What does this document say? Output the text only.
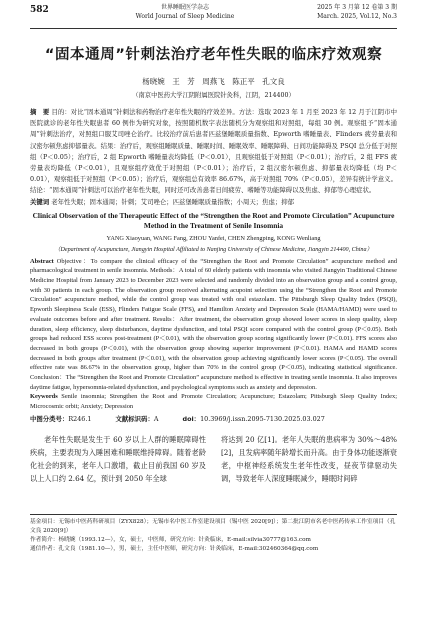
582	世界睡眠医学杂志
World Journal of Sleep Medicine
2025 年 3 月第 12 卷第 3 期
March. 2025, Vol.12, No.3
“固本通周”针刺法治疗老年性失眠的临床疗效观察
杨晓婉　王　芳　周燕飞　陈正平　孔文良
（南京中医药大学江阴附属医院针灸科，江阴，214400）
摘　要 目的：对比“固本通周”针刺法和药物治疗老年性失眠的疗效差异。方法：选取 2023 年 1 月至 2023 年 12 月于江阴市中医院就诊的老年性失眠患者 60 例作为研究对象，按照随机数字表法随机分为观察组和对照组，每组 30 例。观察组予“固本通周”针刺法治疗，对照组口服艾司唑仑治疗。比较治疗前后患者匹兹堡睡眠质量指数、Epworth 嗜睡量表、Flinders 疲劳量表和汉密尔顿焦虑抑郁量表。结果：治疗后，观察组睡眠质量、睡眠时间、睡眠效率、睡眠障碍、日间功能障碍及 PSQI 总分低于对照组（P＜0.05）；治疗后，2 组 Epworth 嗜睡量表均降低（P＜0.01），且观察组低于对照组（P＜0.01）；治疗后，2 组 FFS 疲劳量表均降低（P＜0.01），且观察组疗效优于对照组（P＜0.01）；治疗后，2 组汉密尔顿焦虑、抑郁量表均降低（均 P＜0.01），观察组低于对照组（P＜0.05）；治疗后，观察组总有效率 86.67%，高于对照组 70%（P＜0.05），差异有统计学意义。结论：“固本通周”针刺法可以治疗老年性失眠，同时还可改善患者日间疲劳、嗜睡等功能障碍以及焦虑、抑郁等心理症状。
关键词 老年性失眠；固本通周；针刺；艾司唑仑；匹兹堡睡眠质量指数；小周天；焦虑；抑郁
Clinical Observation of the Therapeutic Effect of the “Strengthen the Root and Promote Circulation” Acupuncture Method in the Treatment of Senile Insomnia
YANG Xiaoyuan, WANG Fang, ZHOU Yanfei, CHEN Zhengping, KONG Wenliang
（Department of Acupuncture, Jiangyin Hospital Affiliated to Nanjing University of Chinese Medicine, Jiangyin 214400, China）
Abstract Objective：To compare the clinical efficacy of the “Strengthen the Root and Promote Circulation” acupuncture method and pharmacological treatment in senile insomnia. Methods：A total of 60 elderly patients with insomnia who visited Jiangyin Traditional Chinese Medicine Hospital from January 2023 to December 2023 were selected and randomly divided into an observation group and a control group, with 30 patients in each group. The observation group received alternating acupoint selection using the “Strengthen the Root and Promote Circulation” acupuncture method, while the control group was treated with oral estazolam. The Pittsburgh Sleep Quality Index (PSQI), Epworth Sleepiness Scale (ESS), Flinders Fatigue Scale (FFS), and Hamilton Anxiety and Depression Scale (HAMA/HAMD) were used to evaluate outcomes before and after treatment. Results：After treatment, the observation group showed lower scores in sleep quality, sleep duration, sleep efficiency, sleep disturbances, daytime dysfunction, and total PSQI score compared with the control group (P＜0.05). Both groups had reduced ESS scores post-treatment (P＜0.01), with the observation group scoring significantly lower (P＜0.01). FFS scores also decreased in both groups (P＜0.01), with the observation group showing superior improvement (P＜0.01). HAMA and HAMD scores decreased in both groups after treatment (P＜0.01), with the observation group achieving significantly lower scores (P＜0.05). The overall effective rate was 86.67% in the observation group, higher than 70% in the control group (P＜0.05), indicating statistical significance. Conclusion：The “Strengthen the Root and Promote Circulation” acupuncture method is effective in treating senile insomnia. It also improves daytime fatigue, hypersomnia-related dysfunction, and psychological symptoms such as anxiety and depression.
Keywords Senile insomnia; Strengthen the Root and Promote Circulation; Acupuncture; Estazolam; Pittsburgh Sleep Quality Index; Microcosmic orbit; Anxiety; Depression
中图分类号：R246.1	文献标识码：A	doi：10.3969/j.issn.2095-7130.2025.03.027

老年性失眠是发生于 60 岁以上人群的睡眠障碍性疾病，主要表现为入睡困难和睡眠维持障碍。随着老龄化社会的到来，老年人口激增，截止目前我国 60 岁及以上人口约 2.64 亿，预计到 2050 年全球

将达到 20 亿[1]。老年人失眠的患病率为 30%～48%[2]，且发病率随年龄增长而升高。由于身体功能逐渐衰老，中枢神经系统发生老年性改变，昼夜节律驱动失调，导致老年人深度睡眠减少，睡眠时间碎

基金项目：无锡市中医药科研项目（ZYX828）；无锡市名中医工作室建设项目（锡中医 2020[9]）；第二批江阴市名老中医药传承工作室项目（孔文良 2020[9]）
作者简介：杨晓婉（1993.12—），女，硕士，中医师，研究方向：针灸临床，E-mail:silvia30777@163.com
通信作者：孔文良（1981.10—），男，硕士，主任中医师，研究方向：针灸临床，E-mail:302460364@qq.com
